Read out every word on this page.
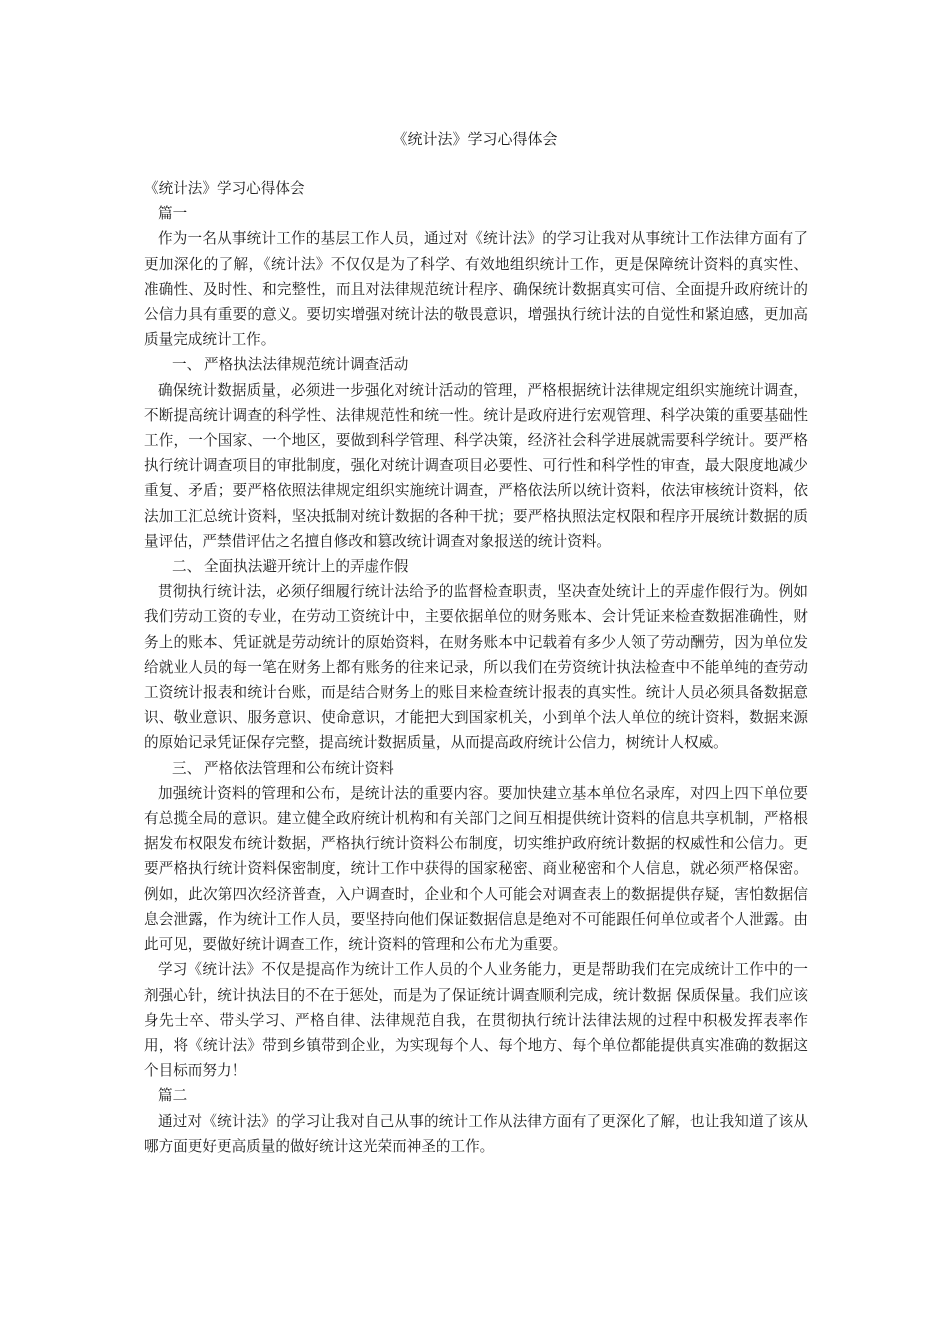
《统计法》学习心得体会

《统计法》学习心得体会

篇一

作为一名从事统计工作的基层工作人员，通过对《统计法》的学习让我对从事统计工作法律方面有了更加深化的了解，《统计法》不仅仅是为了科学、有效地组织统计工作，更是保障统计资料的真实性、准确性、及时性、和完整性，而且对法律规范统计程序、确保统计数据真实可信、全面提升政府统计的公信力具有重要的意义。要切实增强对统计法的敬畏意识，增强执行统计法的自觉性和紧迫感，更加高质量完成统计工作。

一、 严格执法法律规范统计调查活动

确保统计数据质量，必须进一步强化对统计活动的管理，严格根据统计法律规定组织实施统计调查，不断提高统计调查的科学性、法律规范性和统一性。统计是政府进行宏观管理、科学决策的重要基础性工作，一个国家、一个地区，要做到科学管理、科学决策，经济社会科学进展就需要科学统计。要严格执行统计调查项目的审批制度，强化对统计调查项目必要性、可行性和科学性的审查，最大限度地减少重复、矛盾；要严格依照法律规定组织实施统计调查，严格依法所以统计资料，依法审核统计资料，依法加工汇总统计资料，坚决抵制对统计数据的各种干扰；要严格执照法定权限和程序开展统计数据的质量评估，严禁借评估之名擅自修改和篡改统计调查对象报送的统计资料。

二、 全面执法避开统计上的弄虚作假

贯彻执行统计法，必须仔细履行统计法给予的监督检查职责，坚决查处统计上的弄虚作假行为。例如我们劳动工资的专业，在劳动工资统计中，主要依据单位的财务账本、会计凭证来检查数据准确性，财务上的账本、凭证就是劳动统计的原始资料，在财务账本中记载着有多少人领了劳动酬劳，因为单位发给就业人员的每一笔在财务上都有账务的往来记录，所以我们在劳资统计执法检查中不能单纯的查劳动工资统计报表和统计台账，而是结合财务上的账目来检查统计报表的真实性。统计人员必须具备数据意识、敬业意识、服务意识、使命意识，才能把大到国家机关，小到单个法人单位的统计资料，数据来源的原始记录凭证保存完整，提高统计数据质量，从而提高政府统计公信力，树统计人权威。

三、 严格依法管理和公布统计资料

加强统计资料的管理和公布，是统计法的重要内容。要加快建立基本单位名录库，对四上四下单位要有总揽全局的意识。建立健全政府统计机构和有关部门之间互相提供统计资料的信息共享机制，严格根据发布权限发布统计数据，严格执行统计资料公布制度，切实维护政府统计数据的权威性和公信力。更要严格执行统计资料保密制度，统计工作中获得的国家秘密、商业秘密和个人信息，就必须严格保密。例如，此次第四次经济普查，入户调查时，企业和个人可能会对调查表上的数据提供存疑，害怕数据信息会泄露，作为统计工作人员，要坚持向他们保证数据信息是绝对不可能跟任何单位或者个人泄露。由此可见，要做好统计调查工作，统计资料的管理和公布尤为重要。

学习《统计法》不仅是提高作为统计工作人员的个人业务能力，更是帮助我们在完成统计工作中的一剂强心针，统计执法目的不在于惩处，而是为了保证统计调查顺利完成，统计数据 保质保量。我们应该身先士卒、带头学习、严格自律、法律规范自我，在贯彻执行统计法律法规的过程中积极发挥表率作用，将《统计法》带到乡镇带到企业，为实现每个人、每个地方、每个单位都能提供真实准确的数据这个目标而努力！

篇二

通过对《统计法》的学习让我对自己从事的统计工作从法律方面有了更深化了解，也让我知道了该从哪方面更好更高质量的做好统计这光荣而神圣的工作。
